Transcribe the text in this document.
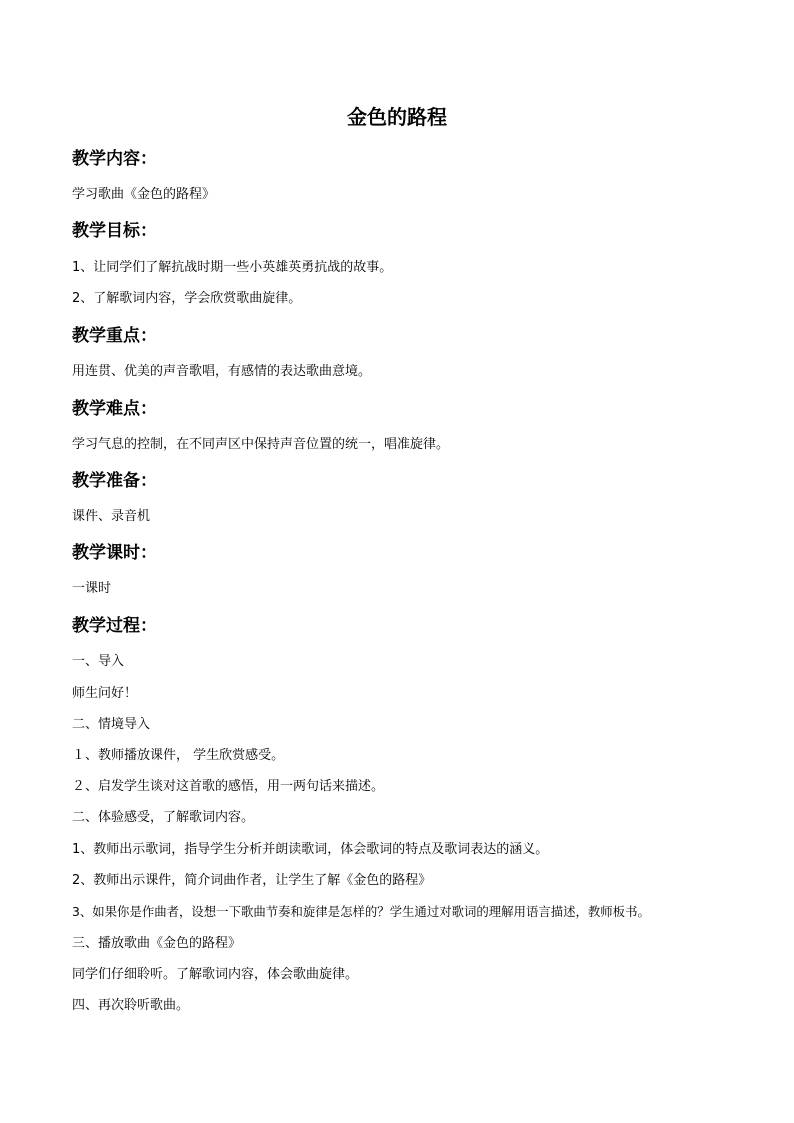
金色的路程
教学内容：
学习歌曲《金色的路程》
教学目标：
1、让同学们了解抗战时期一些小英雄英勇抗战的故事。
2、了解歌词内容，学会欣赏歌曲旋律。
教学重点：
用连贯、优美的声音歌唱，有感情的表达歌曲意境。
教学难点：
学习气息的控制，在不同声区中保持声音位置的统一，唱准旋律。
教学准备：
课件、录音机
教学课时：
一课时
教学过程：
一、导入
师生问好！
二、情境导入
１、教师播放课件， 学生欣赏感受。
２、启发学生谈对这首歌的感悟，用一两句话来描述。
二、体验感受，了解歌词内容。
1、教师出示歌词，指导学生分析并朗读歌词，体会歌词的特点及歌词表达的涵义。
2、教师出示课件，简介词曲作者，让学生了解《金色的路程》
3、如果你是作曲者，设想一下歌曲节奏和旋律是怎样的？学生通过对歌词的理解用语言描述，教师板书。
三、播放歌曲《金色的路程》
同学们仔细聆听。了解歌词内容，体会歌曲旋律。
四、再次聆听歌曲。
